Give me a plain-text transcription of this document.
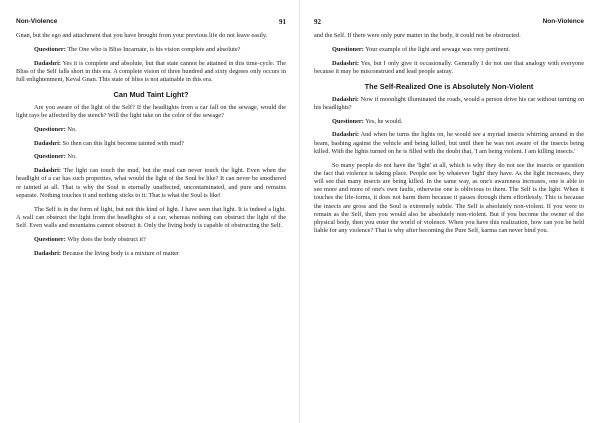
Non-Violence	91

Gnan, but the ego and attachment that you have brought from your previous life do not leave easily.

Questioner: The One who is Bliss Incarnate, is his vision complete and absolute?

Dadashri: Yes it is complete and absolute, but that state cannot be attained in this time-cycle. The Bliss of the Self falls short in this era. A complete vision of three hundred and sixty degrees only occurs in full enlightenment, Keval Gnan. This state of bliss is not attainable in this era.

Can Mud Taint Light?

Are you aware of the light of the Self? If the headlights from a car fall on the sewage, would the light rays be affected by the stench? Will the light take on the color of the sewage?

Questioner: No.

Dadashri: So then can this light become tainted with mud?

Questioner: No.

Dadashri: The light can touch the mud, but the mud can never touch the light. Even when the headlight of a car has such properties, what would the light of the Soul be like? It can never be smothered or tainted at all. That is why the Soul is eternally unaffected, uncontaminated, and pure and remains separate. Nothing touches it and nothing sticks to it: That is what the Soul is like!

The Self is in the form of light, but not this kind of light. I have seen that light. It is indeed a light. A wall can obstruct the light from the headlights of a car, whereas nothing can obstruct the light of the Self. Even walls and mountains cannot obstruct it. Only the living body is capable of obstructing the Self.

Questioner: Why does the body obstruct it?

Dadashri: Because the living body is a mixture of matter

92	Non-Violence

and the Self. If there were only pure matter in the body, it could not be obstructed.

Questioner: Your example of the light and sewage was very pertinent.

Dadashri: Yes, but I only give it occasionally. Generally I do not use that analogy with everyone because it may be misconstrued and lead people astray.

The Self-Realized One is Absolutely Non-Violent

Dadashri: Now if moonlight illuminated the roads, would a person drive his car without turning on his headlights?

Questioner: Yes, he would.

Dadashri: And when he turns the lights on, he would see a myriad insects whirring around in the beam, bashing against the vehicle and being killed, but until then he was not aware of the insects being killed. With the lights turned on he is filled with the doubt that, 'I am being violent. I am killing insects.'

So many people do not have the 'light' at all, which is why they do not see the insects or question the fact that violence is taking place. People see by whatever 'light' they have. As the light increases, they will see that many insects are being killed. In the same way, as one's awareness increases, one is able to see more and more of one's own faults, otherwise one is oblivious to them. The Self is the light. When it touches the life-forms, it does not harm them because it passes through them effortlessly. This is because the insects are gross and the Soul is extremely subtle. The Self is absolutely non-violent. If you were to remain as the Self, then you would also be absolutely non-violent. But if you become the owner of the physical body, then you enter the world of violence. When you have this realization, how can you be held liable for any violence? That is why after becoming the Pure Self, karma can never bind you.
